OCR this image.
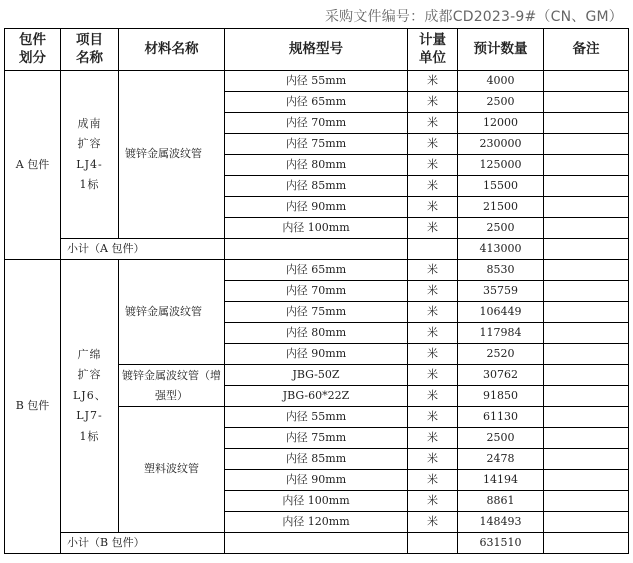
采购文件编号：成都CD2023-9#（CN、GM）
包件划分	项目名称	材料名称	规格型号	计量单位	预计数量	备注
A 包件	成南扩容LJ4-1标	镀锌金属波纹管	内径 55mm	米	4000	
			内径 65mm	米	2500	
			内径 70mm	米	12000	
			内径 75mm	米	230000	
			内径 80mm	米	125000	
			内径 85mm	米	15500	
			内径 90mm	米	21500	
			内径 100mm	米	2500	
	小计（A 包件）				413000	
B 包件	广绵扩容LJ6、LJ7-1标	镀锌金属波纹管	内径 65mm	米	8530	
			内径 70mm	米	35759	
			内径 75mm	米	106449	
			内径 80mm	米	117984	
			内径 90mm	米	2520	
		镀锌金属波纹管（增强型）	JBG-50Z	米	30762	
			JBG-60*22Z	米	91850	
		塑料波纹管	内径 55mm	米	61130	
			内径 75mm	米	2500	
			内径 85mm	米	2478	
			内径 90mm	米	14194	
			内径 100mm	米	8861	
			内径 120mm	米	148493	
	小计（B 包件）				631510	
